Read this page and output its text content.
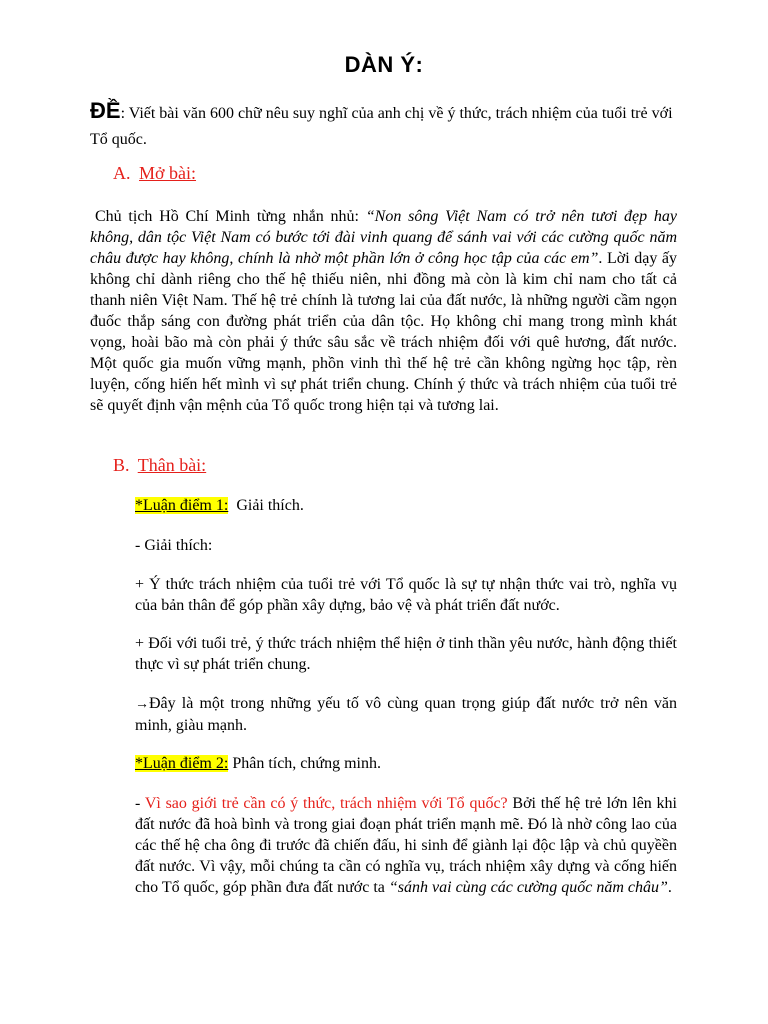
DÀN Ý:
ĐỀ: Viết bài văn 600 chữ nêu suy nghĩ của anh chị về ý thức, trách nhiệm của tuổi trẻ với Tổ quốc.
A. Mở bài:
Chủ tịch Hồ Chí Minh từng nhắn nhủ: “Non sông Việt Nam có trở nên tươi đẹp hay không, dân tộc Việt Nam có bước tới đài vinh quang để sánh vai với các cường quốc năm châu được hay không, chính là nhờ một phần lớn ở công học tập của các em”. Lời dạy ấy không chỉ dành riêng cho thế hệ thiếu niên, nhi đồng mà còn là kim chỉ nam cho tất cả thanh niên Việt Nam. Thế hệ trẻ chính là tương lai của đất nước, là những người cầm ngọn đuốc thắp sáng con đường phát triển của dân tộc. Họ không chỉ mang trong mình khát vọng, hoài bão mà còn phải ý thức sâu sắc về trách nhiệm đối với quê hương, đất nước. Một quốc gia muốn vững mạnh, phồn vinh thì thế hệ trẻ cần không ngừng học tập, rèn luyện, cống hiến hết mình vì sự phát triển chung. Chính ý thức và trách nhiệm của tuổi trẻ sẽ quyết định vận mệnh của Tổ quốc trong hiện tại và tương lai.
B. Thân bài:
*Luận điểm 1:  Giải thích.
- Giải thích:
+ Ý thức trách nhiệm của tuổi trẻ với Tổ quốc là sự tự nhận thức vai trò, nghĩa vụ của bản thân để góp phần xây dựng, bảo vệ và phát triển đất nước.
+ Đối với tuổi trẻ, ý thức trách nhiệm thể hiện ở tinh thần yêu nước, hành động thiết thực vì sự phát triển chung.
→Đây là một trong những yếu tố vô cùng quan trọng giúp đất nước trở nên văn minh, giàu mạnh.
*Luận điểm 2: Phân tích, chứng minh.
- Vì sao giới trẻ cần có ý thức, trách nhiệm với Tổ quốc? Bởi thế hệ trẻ lớn lên khi đất nước đã hoà bình và trong giai đoạn phát triển mạnh mẽ. Đó là nhờ công lao của các thế hệ cha ông đi trước đã chiến đấu, hi sinh để giành lại độc lập và chủ quyềền đất nước. Vì vậy, mỗi chúng ta cần có nghĩa vụ, trách nhiệm xây dựng và cống hiến cho Tổ quốc, góp phần đưa đất nước ta “sánh vai cùng các cường quốc năm châu”.
